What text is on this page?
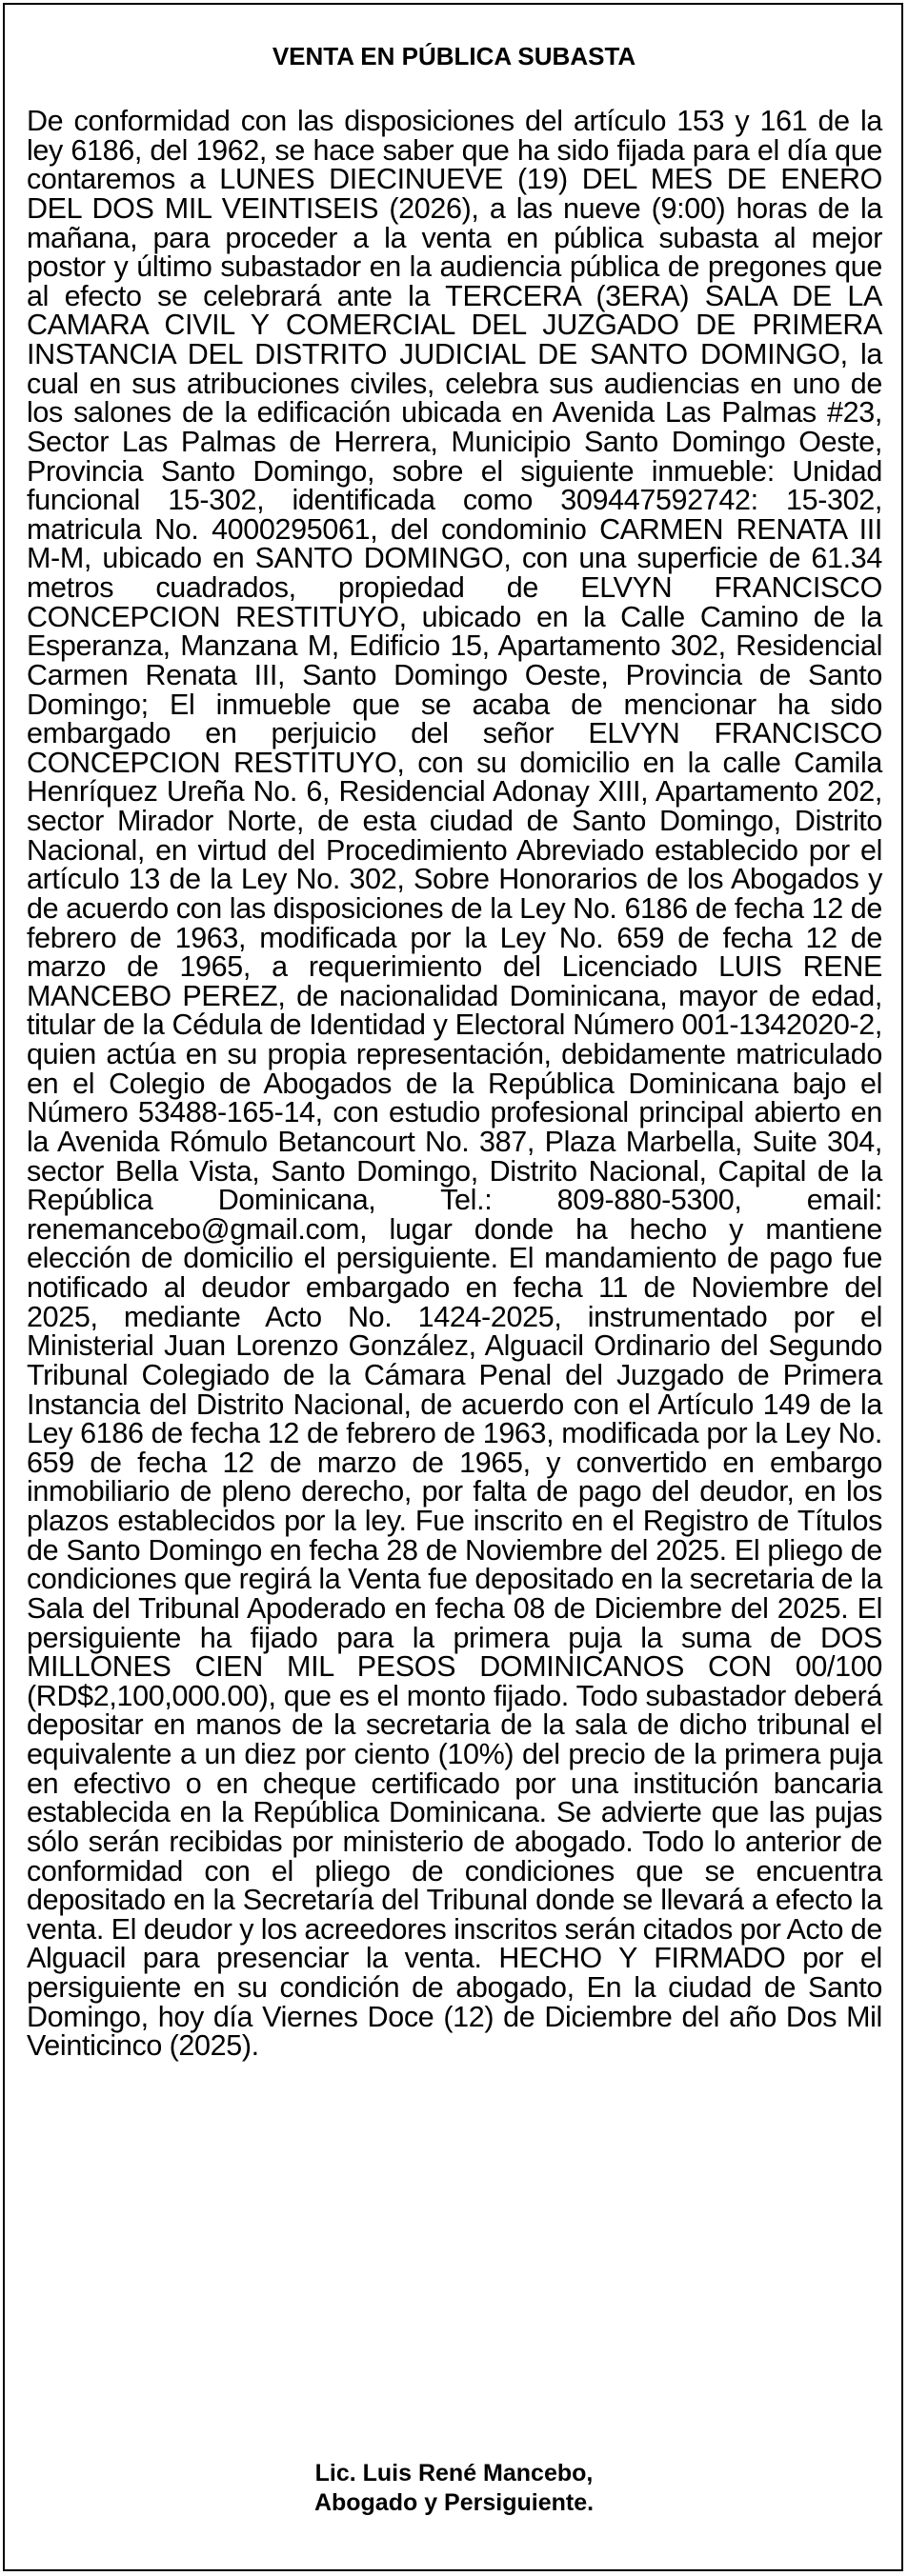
VENTA EN PÚBLICA SUBASTA

De conformidad con las disposiciones del artículo 153 y 161 de la ley 6186, del 1962, se hace saber que ha sido fijada para el día que contaremos a LUNES DIECINUEVE (19) DEL MES DE ENERO DEL DOS MIL VEINTISEIS (2026), a las nueve (9:00) horas de la mañana, para proceder a la venta en pública subasta al mejor postor y último subastador en la audiencia pública de pregones que al efecto se celebrará ante la TERCERA (3ERA) SALA DE LA CAMARA CIVIL Y COMERCIAL DEL JUZGADO DE PRIMERA INSTANCIA DEL DISTRITO JUDICIAL DE SANTO DOMINGO, la cual en sus atribuciones civiles, celebra sus audiencias en uno de los salones de la edificación ubicada en Avenida Las Palmas #23, Sector Las Palmas de Herrera, Municipio Santo Domingo Oeste, Provincia Santo Domingo, sobre el siguiente inmueble: Unidad funcional 15-302, identificada como 309447592742: 15-302, matricula No. 4000295061, del condominio CARMEN RENATA III M-M, ubicado en SANTO DOMINGO, con una superficie de 61.34 metros cuadrados, propiedad de ELVYN FRANCISCO CONCEPCION RESTITUYO, ubicado en la Calle Camino de la Esperanza, Manzana M, Edificio 15, Apartamento 302, Residencial Carmen Renata III, Santo Domingo Oeste, Provincia de Santo Domingo; El inmueble que se acaba de mencionar ha sido embargado en perjuicio del señor ELVYN FRANCISCO CONCEPCION RESTITUYO, con su domicilio en la calle Camila Henríquez Ureña No. 6, Residencial Adonay XIII, Apartamento 202, sector Mirador Norte, de esta ciudad de Santo Domingo, Distrito Nacional, en virtud del Procedimiento Abreviado establecido por el artículo 13 de la Ley No. 302, Sobre Honorarios de los Abogados y de acuerdo con las disposiciones de la Ley No. 6186 de fecha 12 de febrero de 1963, modificada por la Ley No. 659 de fecha 12 de marzo de 1965, a requerimiento del Licenciado LUIS RENE MANCEBO PEREZ, de nacionalidad Dominicana, mayor de edad, titular de la Cédula de Identidad y Electoral Número 001-1342020-2, quien actúa en su propia representación, debidamente matriculado en el Colegio de Abogados de la República Dominicana bajo el Número 53488-165-14, con estudio profesional principal abierto en la Avenida Rómulo Betancourt No. 387, Plaza Marbella, Suite 304, sector Bella Vista, Santo Domingo, Distrito Nacional, Capital de la República Dominicana, Tel.: 809-880-5300, email: renemancebo@gmail.com, lugar donde ha hecho y mantiene elección de domicilio el persiguiente. El mandamiento de pago fue notificado al deudor embargado en fecha 11 de Noviembre del 2025, mediante Acto No. 1424-2025, instrumentado por el Ministerial Juan Lorenzo González, Alguacil Ordinario del Segundo Tribunal Colegiado de la Cámara Penal del Juzgado de Primera Instancia del Distrito Nacional, de acuerdo con el Artículo 149 de la Ley 6186 de fecha 12 de febrero de 1963, modificada por la Ley No. 659 de fecha 12 de marzo de 1965, y convertido en embargo inmobiliario de pleno derecho, por falta de pago del deudor, en los plazos establecidos por la ley. Fue inscrito en el Registro de Títulos de Santo Domingo en fecha 28 de Noviembre del 2025. El pliego de condiciones que regirá la Venta fue depositado en la secretaria de la Sala del Tribunal Apoderado en fecha 08 de Diciembre del 2025. El persiguiente ha fijado para la primera puja la suma de DOS MILLONES CIEN MIL PESOS DOMINICANOS CON 00/100 (RD$2,100,000.00), que es el monto fijado. Todo subastador deberá depositar en manos de la secretaria de la sala de dicho tribunal el equivalente a un diez por ciento (10%) del precio de la primera puja en efectivo o en cheque certificado por una institución bancaria establecida en la República Dominicana. Se advierte que las pujas sólo serán recibidas por ministerio de abogado. Todo lo anterior de conformidad con el pliego de condiciones que se encuentra depositado en la Secretaría del Tribunal donde se llevará a efecto la venta. El deudor y los acreedores inscritos serán citados por Acto de Alguacil para presenciar la venta. HECHO Y FIRMADO por el persiguiente en su condición de abogado, En la ciudad de Santo Domingo, hoy día Viernes Doce (12) de Diciembre del año Dos Mil Veinticinco (2025).

Lic. Luis René Mancebo,
Abogado y Persiguiente.
